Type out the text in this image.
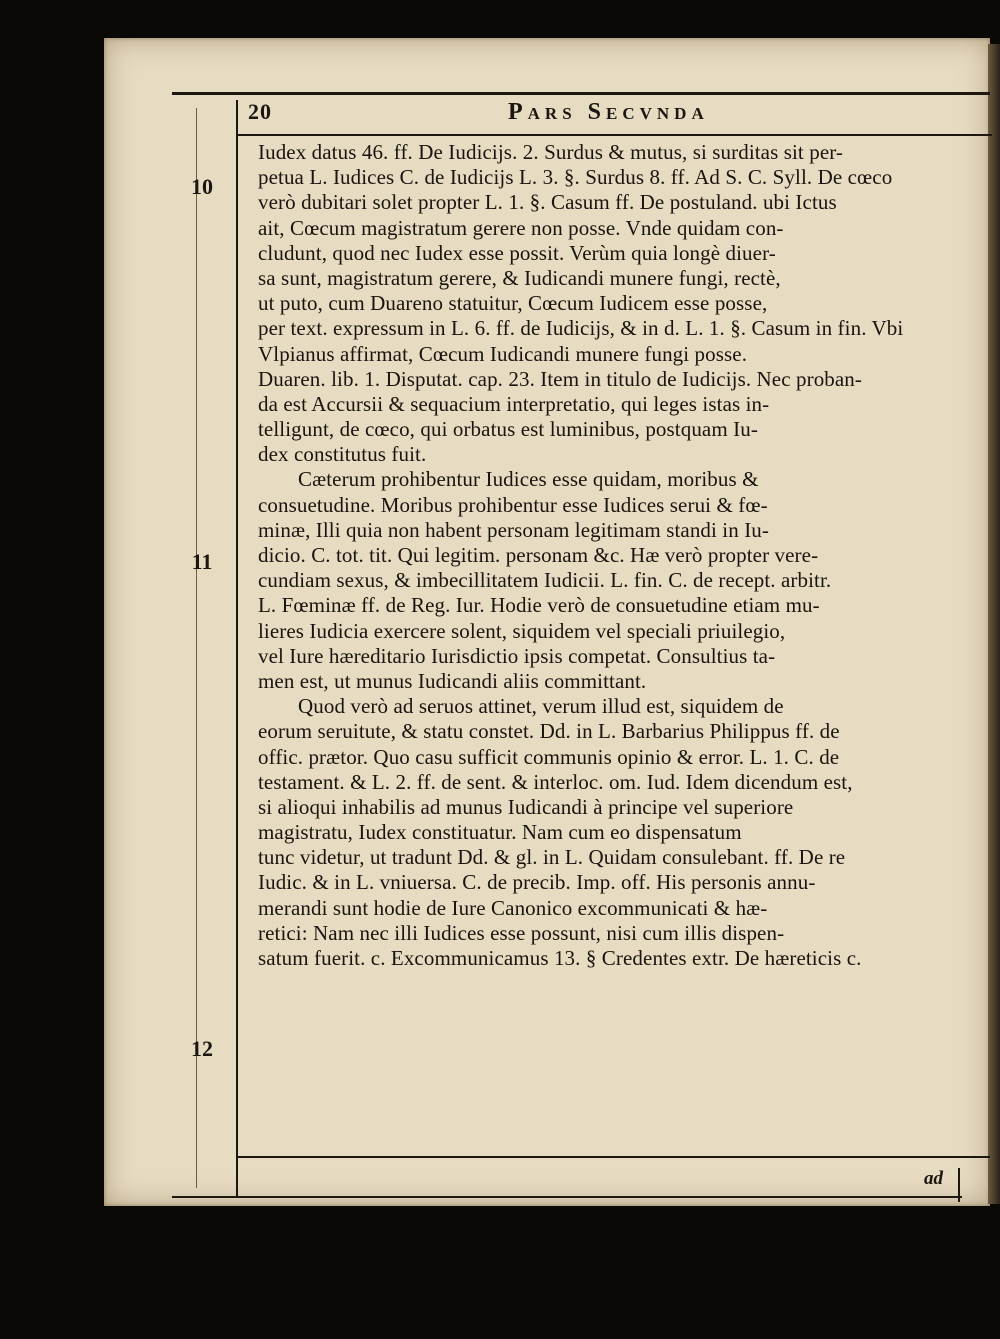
20	Pars Secvnda
10
11
12
Iudex datus 46. ff. De Iudicijs. 2. Surdus & mutus, si surditas sit per-
petua L. Iudices C. de Iudicijs L. 3. §. Surdus 8. ff. Ad S. C. Syll. De cœco
verò dubitari solet propter L. 1. §. Casum ff. De postuland. ubi Ictus
ait, Cœcum magistratum gerere non posse. Vnde quidam con-
cludunt, quod nec Iudex esse possit. Verùm quia longè diuer-
sa sunt, magistratum gerere, & Iudicandi munere fungi, rectè,
ut puto, cum Duareno statuitur, Cœcum Iudicem esse posse,
per text. expressum in L. 6. ff. de Iudicijs, & in d. L. 1. §. Casum in fin. Vbi
Vlpianus affirmat, Cœcum Iudicandi munere fungi posse.
Duaren. lib. 1. Disputat. cap. 23. Item in titulo de Iudicijs. Nec proban-
da est Accursii & sequacium interpretatio, qui leges istas in-
telligunt, de cœco, qui orbatus est luminibus, postquam Iu-
dex constitutus fuit.
Cæterum prohibentur Iudices esse quidam, moribus &
consuetudine. Moribus prohibentur esse Iudices serui & fœ-
minæ, Illi quia non habent personam legitimam standi in Iu-
dicio. C. tot. tit. Qui legitim. personam &c. Hæ verò propter vere-
cundiam sexus, & imbecillitatem Iudicii. L. fin. C. de recept. arbitr.
L. Fœminæ ff. de Reg. Iur. Hodie verò de consuetudine etiam mu-
lieres Iudicia exercere solent, siquidem vel speciali priuilegio,
vel Iure hæreditario Iurisdictio ipsis competat. Consultius ta-
men est, ut munus Iudicandi aliis committant.
Quod verò ad seruos attinet, verum illud est, siquidem de
eorum seruitute, & statu constet. Dd. in L. Barbarius Philippus ff. de
offic. prætor. Quo casu sufficit communis opinio & error. L. 1. C. de
testament. & L. 2. ff. de sent. & interloc. om. Iud. Idem dicendum est,
si alioqui inhabilis ad munus Iudicandi à principe vel superiore
magistratu, Iudex constituatur. Nam cum eo dispensatum
tunc videtur, ut tradunt Dd. & gl. in L. Quidam consulebant. ff. De re
Iudic. & in L. vniuersa. C. de precib. Imp. off. His personis annu-
merandi sunt hodie de Iure Canonico excommunicati & hæ-
retici: Nam nec illi Iudices esse possunt, nisi cum illis dispen-
satum fuerit. c. Excommunicamus 13. § Credentes extr. De hæreticis c.
ad
